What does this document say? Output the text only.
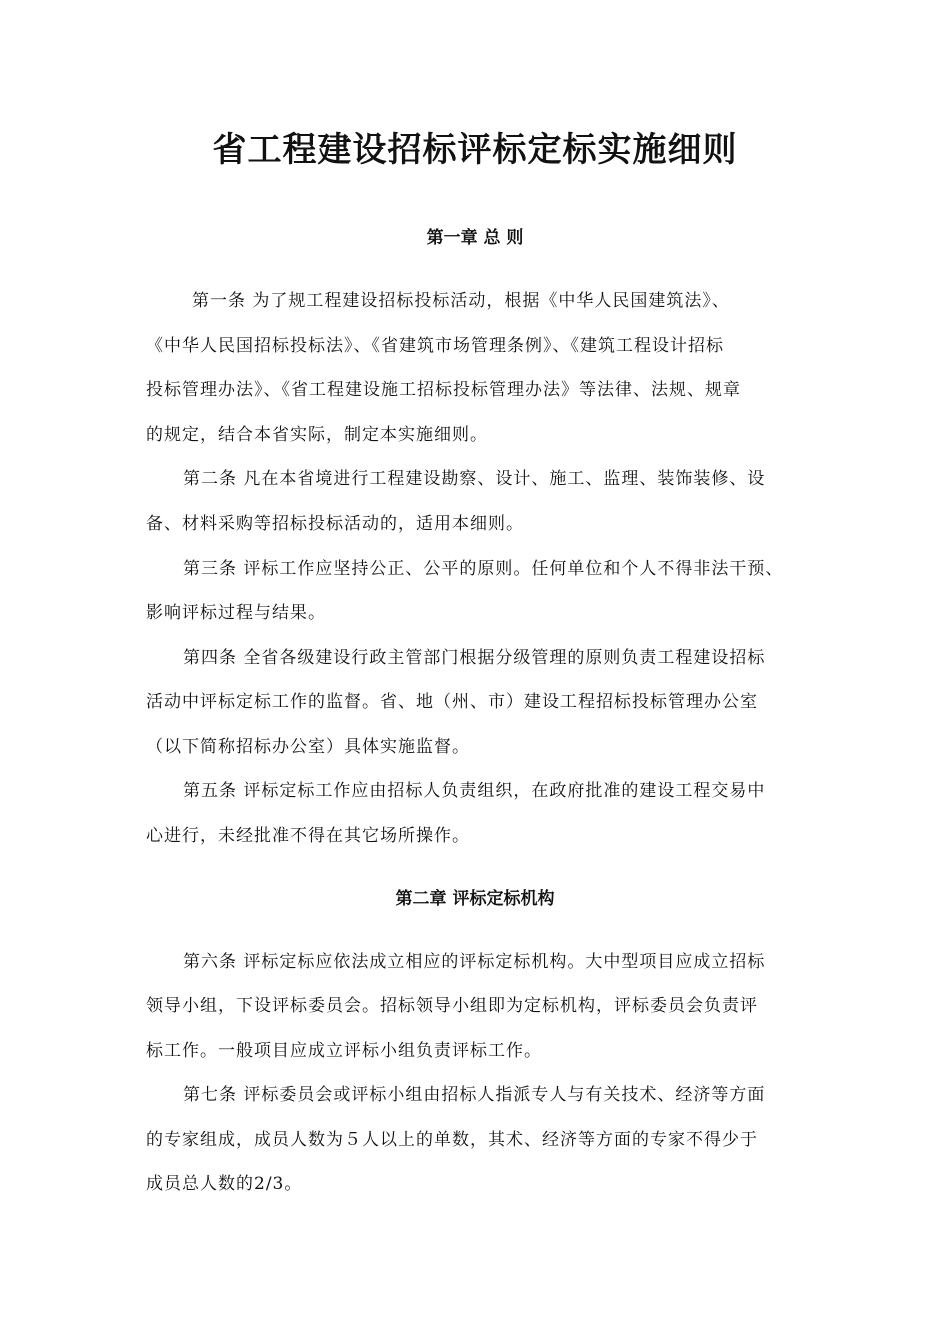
省工程建设招标评标定标实施细则
第一章 总 则
第一条 为了规工程建设招标投标活动，根据《中华人民国建筑法》、
《中华人民国招标投标法》、《省建筑市场管理条例》、《建筑工程设计招标
投标管理办法》、《省工程建设施工招标投标管理办法》等法律、法规、规章
的规定，结合本省实际，制定本实施细则。
第二条 凡在本省境进行工程建设勘察、设计、施工、监理、装饰装修、设
备、材料采购等招标投标活动的，适用本细则。
第三条 评标工作应坚持公正、公平的原则。任何单位和个人不得非法干预、
影响评标过程与结果。
第四条 全省各级建设行政主管部门根据分级管理的原则负责工程建设招标
活动中评标定标工作的监督。省、地（州、市）建设工程招标投标管理办公室
（以下简称招标办公室）具体实施监督。
第五条 评标定标工作应由招标人负责组织，在政府批准的建设工程交易中
心进行，未经批准不得在其它场所操作。
第二章 评标定标机构
第六条 评标定标应依法成立相应的评标定标机构。大中型项目应成立招标
领导小组，下设评标委员会。招标领导小组即为定标机构，评标委员会负责评
标工作。一般项目应成立评标小组负责评标工作。
第七条 评标委员会或评标小组由招标人指派专人与有关技术、经济等方面
的专家组成，成员人数为５人以上的单数，其术、经济等方面的专家不得少于
成员总人数的2/3。
